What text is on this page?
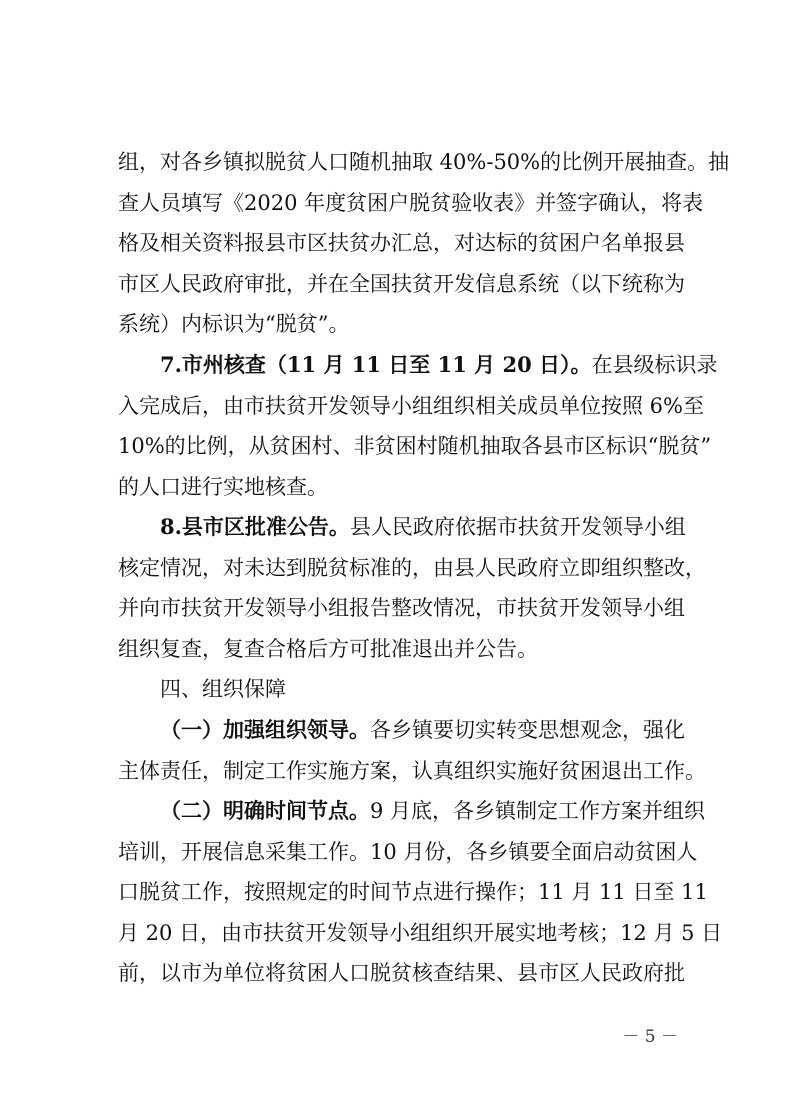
组，对各乡镇拟脱贫人口随机抽取 40%-50%的比例开展抽查。抽
查人员填写《2020 年度贫困户脱贫验收表》并签字确认，将表
格及相关资料报县市区扶贫办汇总，对达标的贫困户名单报县
市区人民政府审批，并在全国扶贫开发信息系统（以下统称为
系统）内标识为“脱贫”。
7.市州核查（11 月 11 日至 11 月 20 日）。在县级标识录
入完成后，由市扶贫开发领导小组组织相关成员单位按照 6%至
10%的比例，从贫困村、非贫困村随机抽取各县市区标识“脱贫”
的人口进行实地核查。
8.县市区批准公告。县人民政府依据市扶贫开发领导小组
核定情况，对未达到脱贫标准的，由县人民政府立即组织整改，
并向市扶贫开发领导小组报告整改情况，市扶贫开发领导小组
组织复查，复查合格后方可批准退出并公告。
四、组织保障
（一）加强组织领导。各乡镇要切实转变思想观念，强化
主体责任，制定工作实施方案，认真组织实施好贫困退出工作。
（二）明确时间节点。9 月底，各乡镇制定工作方案并组织
培训，开展信息采集工作。10 月份，各乡镇要全面启动贫困人
口脱贫工作，按照规定的时间节点进行操作；11 月 11 日至 11
月 20 日，由市扶贫开发领导小组组织开展实地考核；12 月 5 日
前，以市为单位将贫困人口脱贫核查结果、县市区人民政府批
－ 5 －
